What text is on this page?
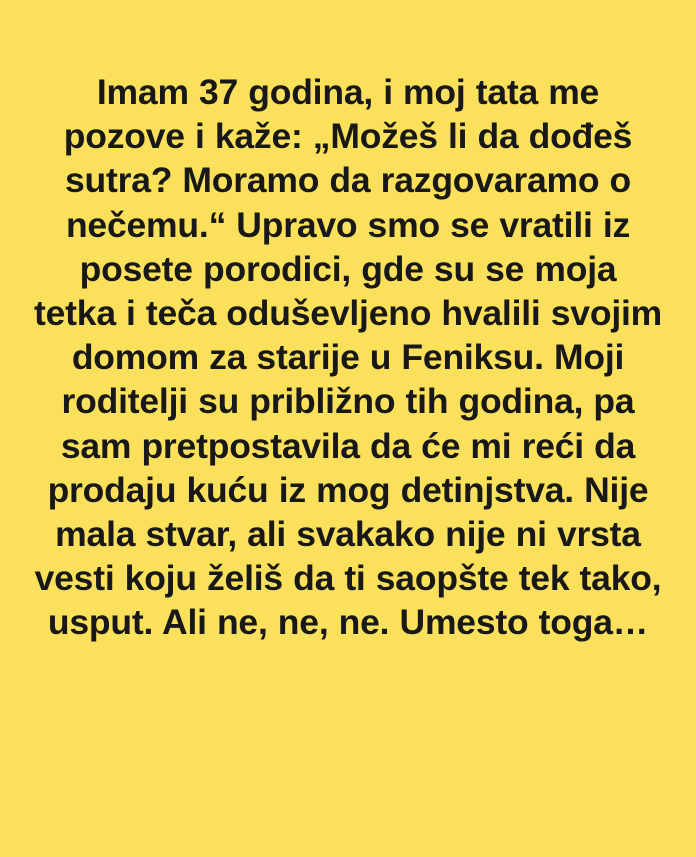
Imam 37 godina, i moj tata me pozove i kaže: „Možeš li da dođeš sutra? Moramo da razgovaramo o nečemu.“ Upravo smo se vratili iz posete porodici, gde su se moja tetka i teča oduševljeno hvalili svojim domom za starije u Feniksu. Moji roditelji su približno tih godina, pa sam pretpostavila da će mi reći da prodaju kuću iz mog detinjstva. Nije mala stvar, ali svakako nije ni vrsta vesti koju želiš da ti saopšte tek tako, usput. Ali ne, ne, ne. Umesto toga…
